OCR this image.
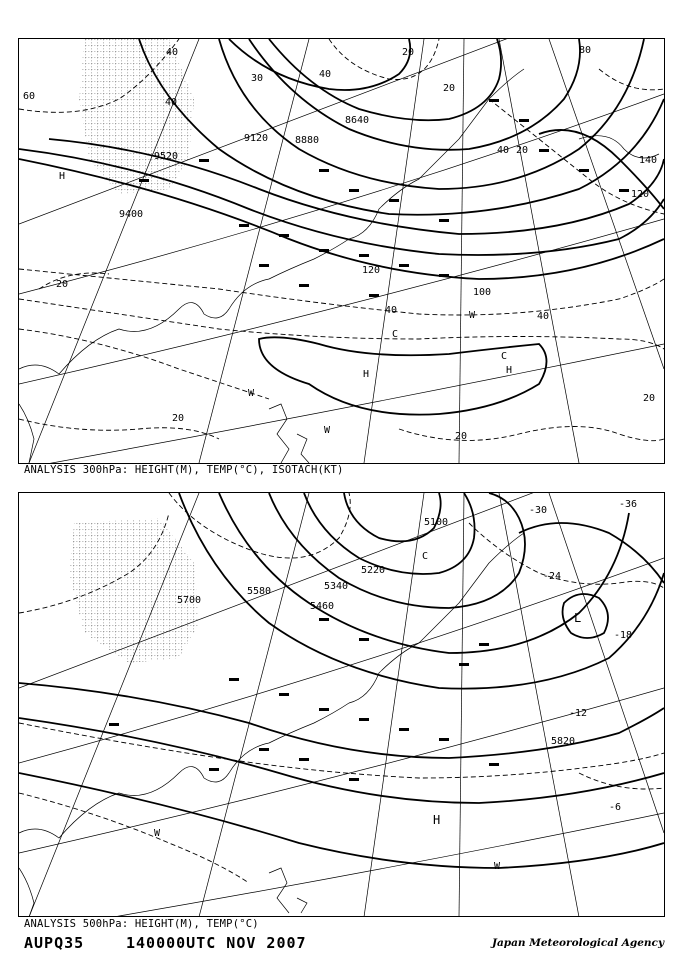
9400
9520
9120	8880
8640
40
40
40
20
20
20
20
20
20
20
40
40
60
80
100
120
120
140
40
30
H	H
H
W
W
W
C
C
ANALYSIS 300hPa: HEIGHT(M), TEMP(°C), ISOTACH(KT)
5700
5580
5460
5340
5220
5100
5820
-30
-36
-24
-18
-12
-6
C
L
H
W
W
ANALYSIS 500hPa: HEIGHT(M), TEMP(°C)
AUPQ35	140000UTC NOV 2007	Japan Meteorological Agency
